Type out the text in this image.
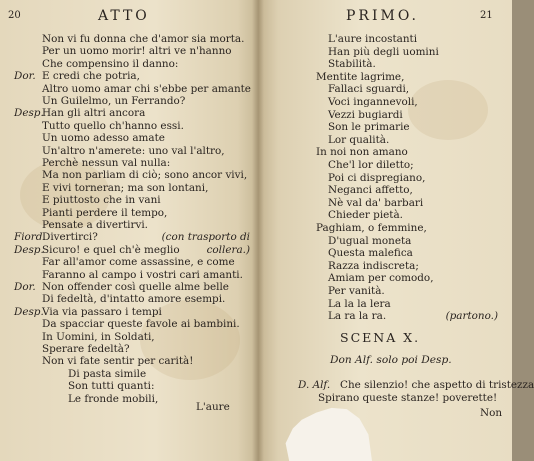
20	ATTO
Non vi fu donna che d'amor sia morta.
Per un uomo morir! altri ve n'hanno
Che compensino il danno:
Dor. E credi che potria,
Altro uomo amar chi s'ebbe per amante
Un Guilelmo, un Ferrando?
Desp.
Han gli altri ancora
Tutto quello ch'hanno essi.
Un uomo adesso amate
Un'altro n'amerete: uno val l'altro,
Perchè nessun val nulla:
Ma non parliam di ciò; sono ancor vivi,
E vivi torneran; ma son lontani,
E piuttosto che in vani
Pianti perdere il tempo,
Pensate a divertirvi.
Fiord.
Divertirci?	(con trasporto di
Desp.
Sicuro! e quel ch'è meglio	collera.)
Far all'amor come assassine, e come
Faranno al campo i vostri cari amanti.
Dor. Non offender così quelle alme belle
Di fedeltà, d'intatto amore esempi.
Desp.
Via via passaro i tempi
Da spacciar queste favole ai bambini.
In Uomini, in Soldati,
Sperare fedeltà?
Non vi fate sentir per carità!
Di pasta simile
Son tutti quanti:
Le fronde mobili,
L'aure
PRIMO.	21
L'aure incostanti
Han più degli uomini
Stabilità.
Mentite lagrime,
Fallaci sguardi,
Voci ingannevoli,
Vezzi bugiardi
Son le primarie
Lor qualità.
In noi non amano
Che'l lor diletto;
Poi ci dispregiano,
Neganci affetto,
Nè val da' barbari
Chieder pietà.
Paghiam, o femmine,
D'ugual moneta
Questa malefica
Razza indiscreta;
Amiam per comodo,
Per vanità.
La la la lera
La ra la ra.	(partono.)
SCENA X.
Don Alf. solo poi Desp.
D. Alf. Che silenzio! che aspetto di tristezza
Spirano queste stanze! poverette!
Non
